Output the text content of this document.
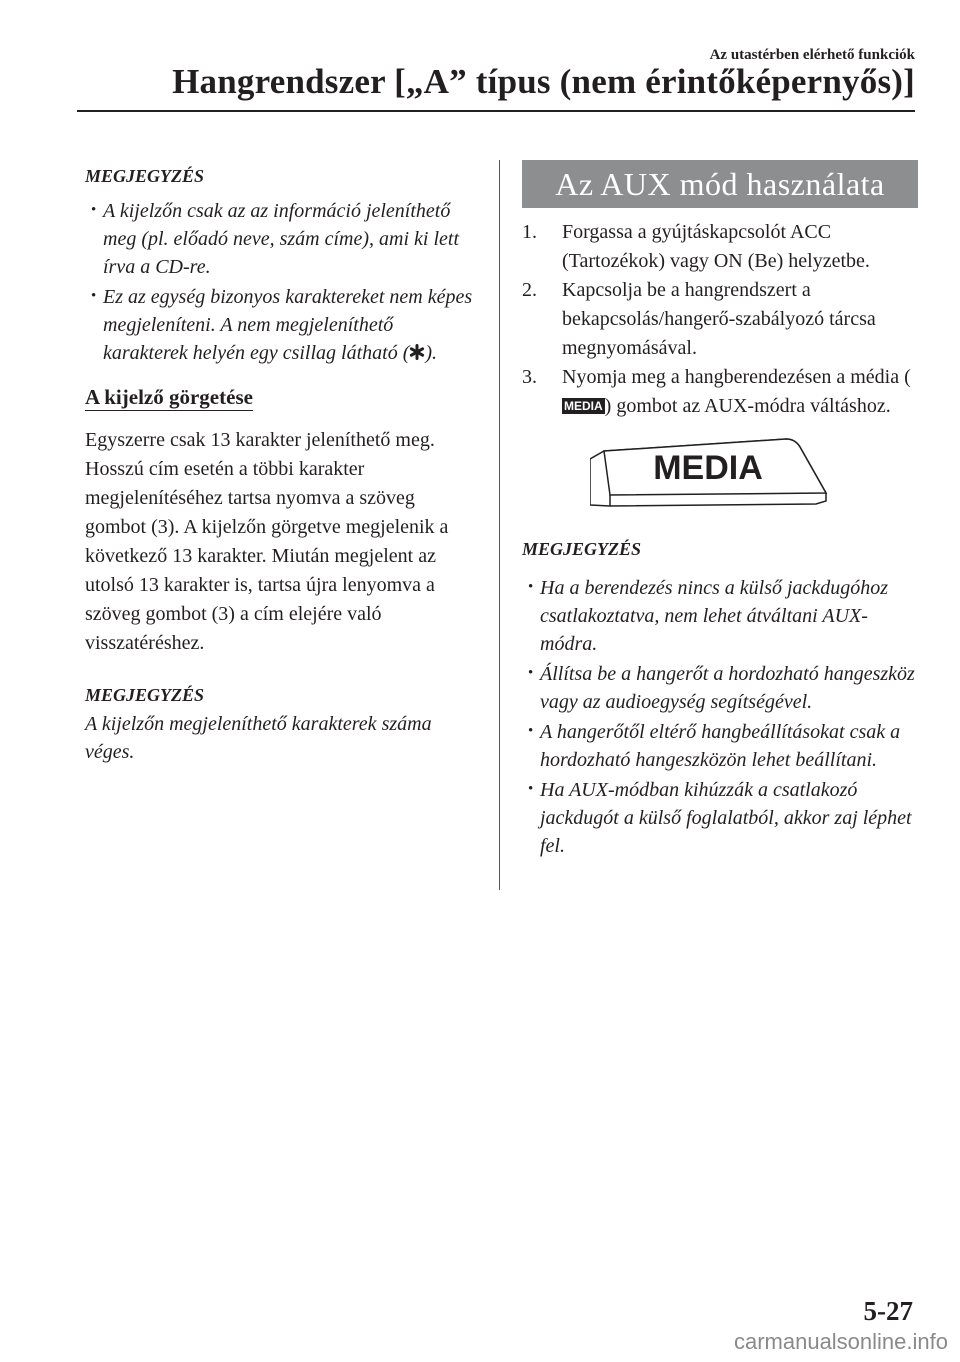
Az utastérben elérhető funkciók
Hangrendszer [„A” típus (nem érintőképernyős)]

MEGJEGYZÉS

• A kijelzőn csak az az információ jeleníthető meg (pl. előadó neve, szám címe), ami ki lett írva a CD-re.
• Ez az egység bizonyos karaktereket nem képes megjeleníteni. A nem megjeleníthető karakterek helyén egy csillag látható ( ).

A kijelző görgetése

Egyszerre csak 13 karakter jeleníthető meg. Hosszú cím esetén a többi karakter megjelenítéséhez tartsa nyomva a szöveg gombot (3). A kijelzőn görgetve megjelenik a következő 13 karakter. Miután megjelent az utolsó 13 karakter is, tartsa újra lenyomva a szöveg gombot (3) a cím elejére való visszatéréshez.

MEGJEGYZÉS

A kijelzőn megjeleníthető karakterek száma véges.

Az AUX mód használata
1. Forgassa a gyújtáskapcsolót ACC (Tartozékok) vagy ON (Be) helyzetbe.
2. Kapcsolja be a hangrendszert a bekapcsolás/hangerő-szabályozó tárcsa megnyomásával.
3. Nyomja meg a hangberendezésen a média (MEDIA ) gombot az AUX-módra váltáshoz.
MEDIA

MEGJEGYZÉS

• Ha a berendezés nincs a külső jackdugóhoz csatlakoztatva, nem lehet átváltani AUX-módra.
• Állítsa be a hangerőt a hordozható hangeszköz vagy az audioegység segítségével.
• A hangerőtől eltérő hangbeállításokat csak a hordozható hangeszközön lehet beállítani.
• Ha AUX-módban kihúzzák a csatlakozó jackdugót a külső foglalatból, akkor zaj léphet fel.
5-27
carmanualsonline.info
